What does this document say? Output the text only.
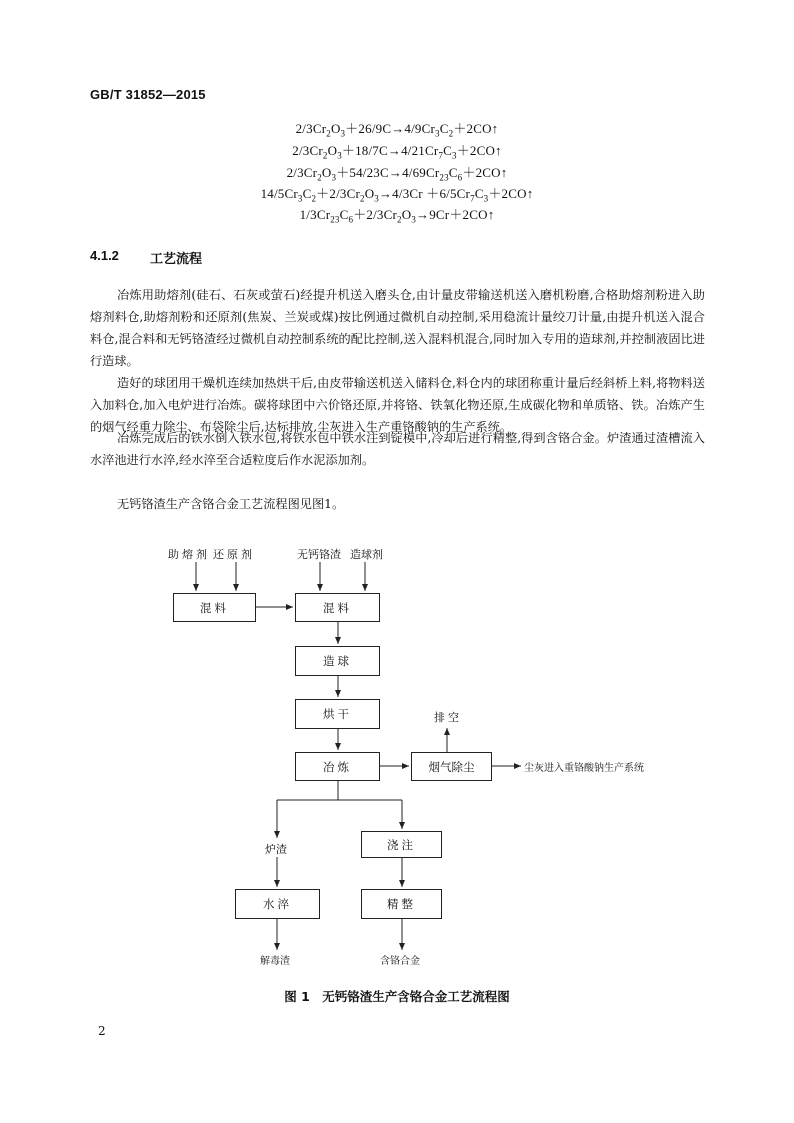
GB/T 31852—2015
$2/3Cr_2O_3+26/9C\to 4/9Cr_3C_2+2CO↑$
$2/3Cr_2O_3+18/7C\to 4/21Cr_7C_3+2CO↑$
$2/3Cr_2O_3+54/23C\to 4/69Cr_{23}C_6+2CO↑$
$14/5Cr_3C_2+2/3Cr_2O_3\to 4/3Cr$ $+6/5Cr_7C_3+2CO↑$
$1/3Cr_{23}C_6+2/3Cr_2O_3\to 9Cr+2CO↑$
4.1.2 工艺流程

冶炼用助熔剂(硅石、石灰或萤石)经提升机送入磨头仓,由计量皮带输送机送入磨机粉磨,合格助熔剂粉进入助熔剂料仓,助熔剂粉和还原剂(焦炭、兰炭或煤)按比例通过微机自动控制,采用稳流计量绞刀计量,由提升机送入混合料仓,混合料和无钙铬渣经过微机自动控制系统的配比控制,送入混料机混合,同时加入专用的造球剂,并控制液固比进行造球。

造好的球团用干燥机连续加热烘干后,由皮带输送机送入储料仓,料仓内的球团称重计量后经斜桥上料,将物料送入加料仓,加入电炉进行冶炼。碳将球团中六价铬还原,并将铬、铁氧化物还原,生成碳化物和单质铬、铁。冶炼产生的烟气经重力除尘、布袋除尘后,达标排放,尘灰进入生产重铬酸钠的生产系统。

冶炼完成后的铁水倒入铁水包,将铁水包中铁水注到锭模中,冷却后进行精整,得到含铬合金。炉渣通过渣槽流入水淬池进行水淬,经水淬至合适粒度后作水泥添加剂。

无钙铬渣生产含铬合金工艺流程图见图1。

助熔剂 还原剂	无钙铬渣 造球剂
混料	混料
造球
烘干
冶炼	烟气除尘
浇注
水淬	精整
排空
尘灰进入重铬酸钠生产系统
炉渣
解毒渣	含铬合金
图 1　无钙铬渣生产含铬合金工艺流程图
2
